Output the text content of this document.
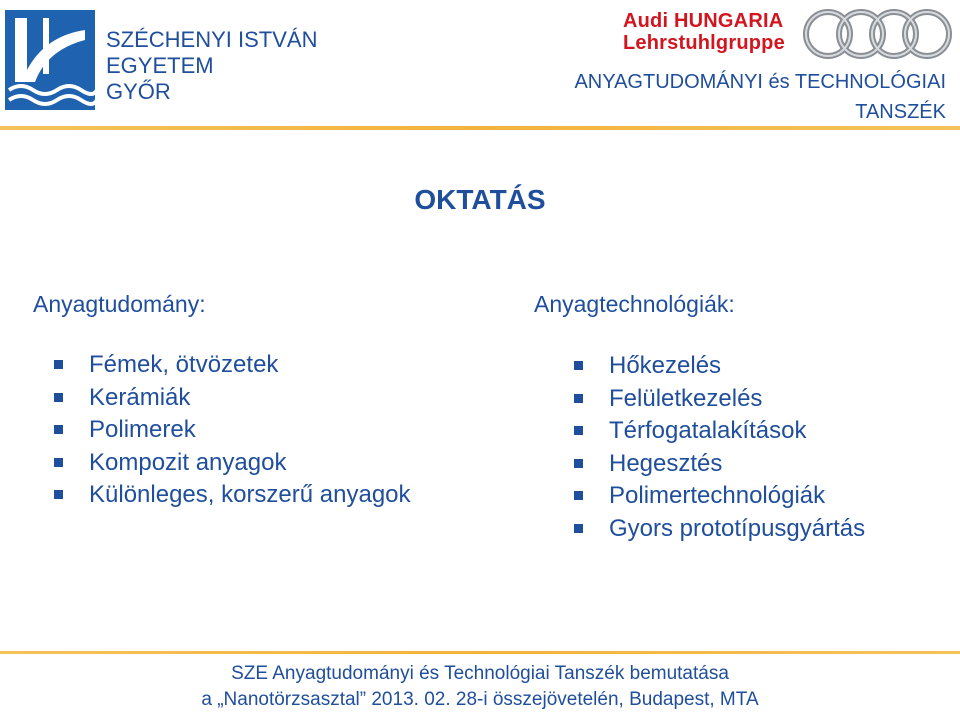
SZÉCHENYI ISTVÁN
EGYETEM
GYŐR
Audi HUNGARIA
Lehrstuhlgruppe
ANYAGTUDOMÁNYI és TECHNOLÓGIAI
TANSZÉK
OKTATÁS
Anyagtudomány:
Fémek, ötvözetek
Kerámiák
Polimerek
Kompozit anyagok
Különleges, korszerű anyagok
Anyagtechnológiák:
Hőkezelés
Felületkezelés
Térfogatalakítások
Hegesztés
Polimertechnológiák
Gyors prototípusgyártás
SZE Anyagtudományi és Technológiai Tanszék bemutatása
a „Nanotörzsasztal” 2013. 02. 28-i összejövetelén, Budapest, MTA
